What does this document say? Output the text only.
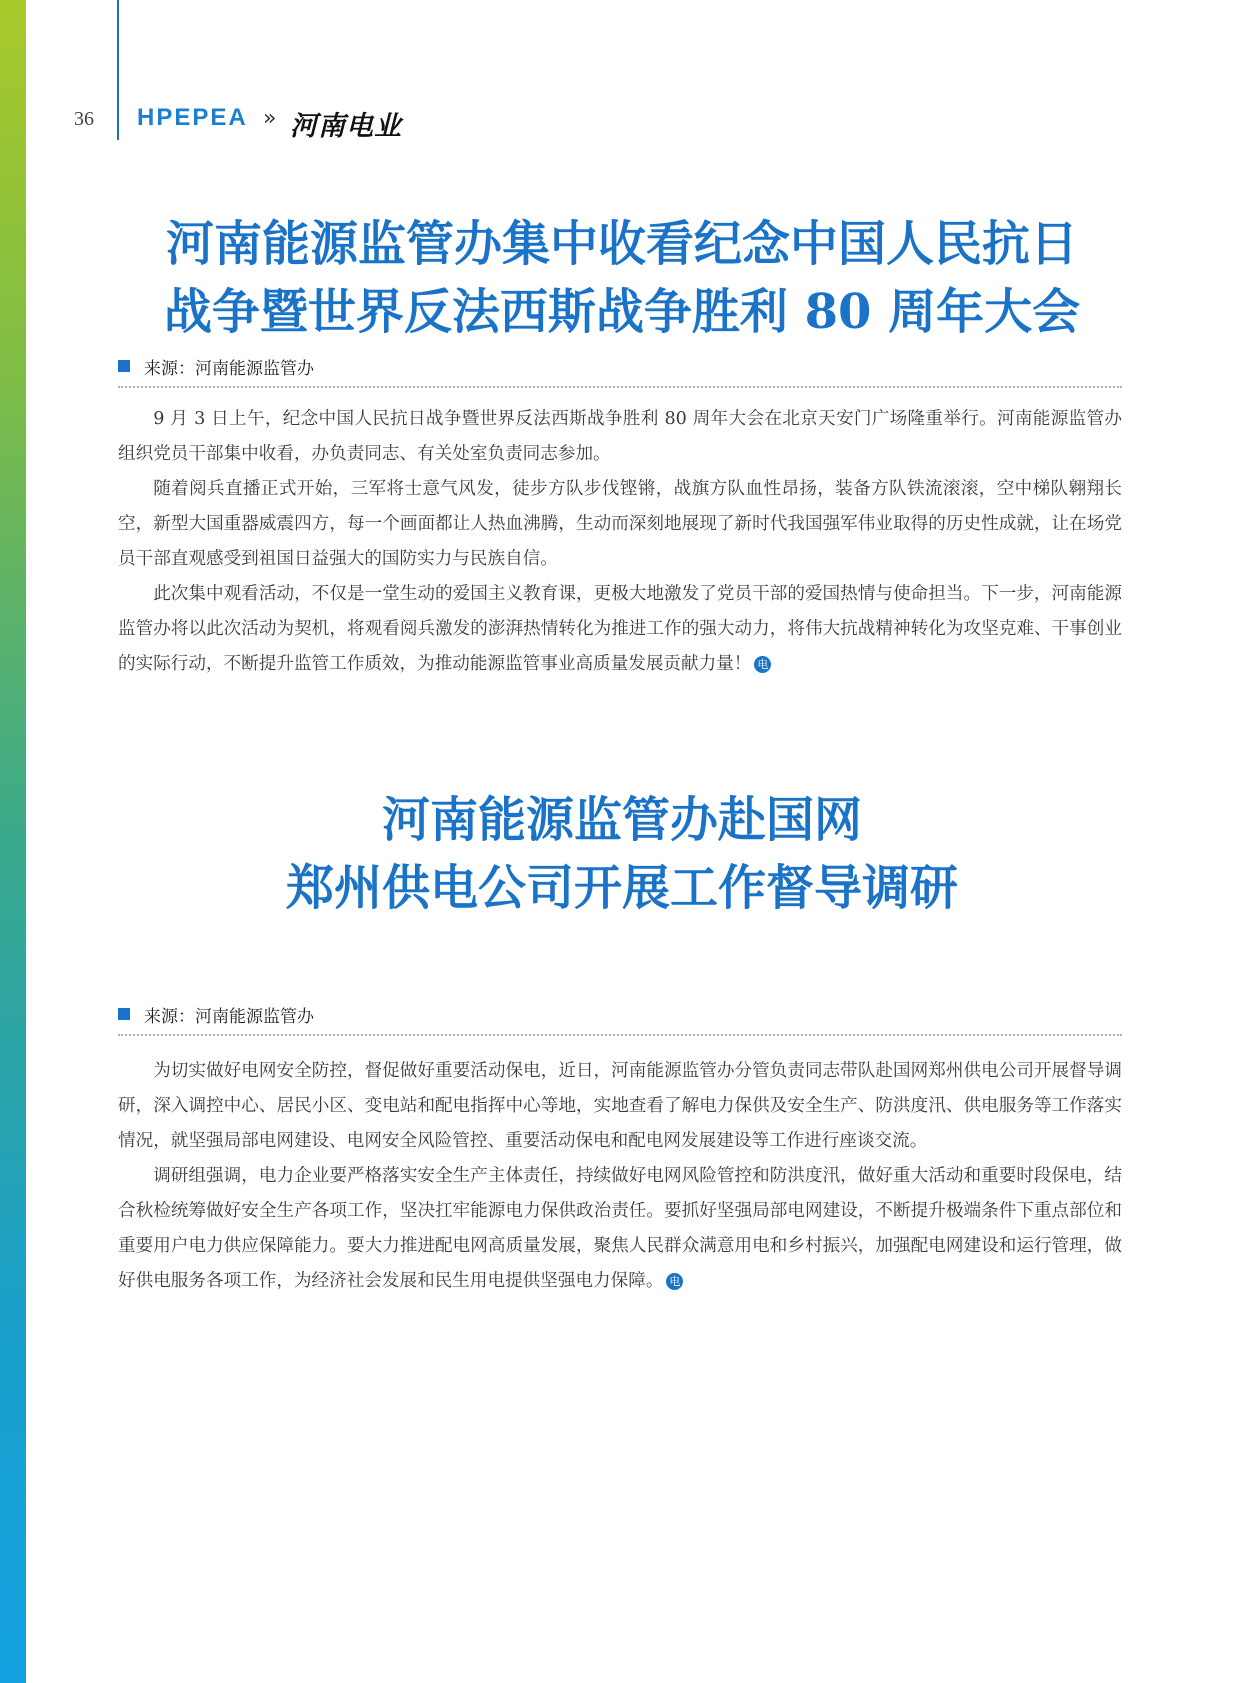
36 HPEPEA » 河南电业
河南能源监管办集中收看纪念中国人民抗日
战争暨世界反法西斯战争胜利 80 周年大会
来源：河南能源监管办

9 月 3 日上午，纪念中国人民抗日战争暨世界反法西斯战争胜利 80 周年大会在北京天安门广场隆重举行。河南能源监管办组织党员干部集中收看，办负责同志、有关处室负责同志参加。

随着阅兵直播正式开始，三军将士意气风发，徒步方队步伐铿锵，战旗方队血性昂扬，装备方队铁流滚滚，空中梯队翱翔长空，新型大国重器威震四方，每一个画面都让人热血沸腾，生动而深刻地展现了新时代我国强军伟业取得的历史性成就，让在场党员干部直观感受到祖国日益强大的国防实力与民族自信。

此次集中观看活动，不仅是一堂生动的爱国主义教育课，更极大地激发了党员干部的爱国热情与使命担当。下一步，河南能源监管办将以此次活动为契机，将观看阅兵激发的澎湃热情转化为推进工作的强大动力，将伟大抗战精神转化为攻坚克难、干事创业的实际行动，不断提升监管工作质效，为推动能源监管事业高质量发展贡献力量！ 电

河南能源监管办赴国网
郑州供电公司开展工作督导调研
来源：河南能源监管办

为切实做好电网安全防控，督促做好重要活动保电，近日，河南能源监管办分管负责同志带队赴国网郑州供电公司开展督导调研，深入调控中心、居民小区、变电站和配电指挥中心等地，实地查看了解电力保供及安全生产、防洪度汛、供电服务等工作落实情况，就坚强局部电网建设、电网安全风险管控、重要活动保电和配电网发展建设等工作进行座谈交流。

调研组强调，电力企业要严格落实安全生产主体责任，持续做好电网风险管控和防洪度汛，做好重大活动和重要时段保电，结合秋检统筹做好安全生产各项工作，坚决扛牢能源电力保供政治责任。要抓好坚强局部电网建设，不断提升极端条件下重点部位和重要用户电力供应保障能力。要大力推进配电网高质量发展，聚焦人民群众满意用电和乡村振兴，加强配电网建设和运行管理，做好供电服务各项工作，为经济社会发展和民生用电提供坚强电力保障。 电
